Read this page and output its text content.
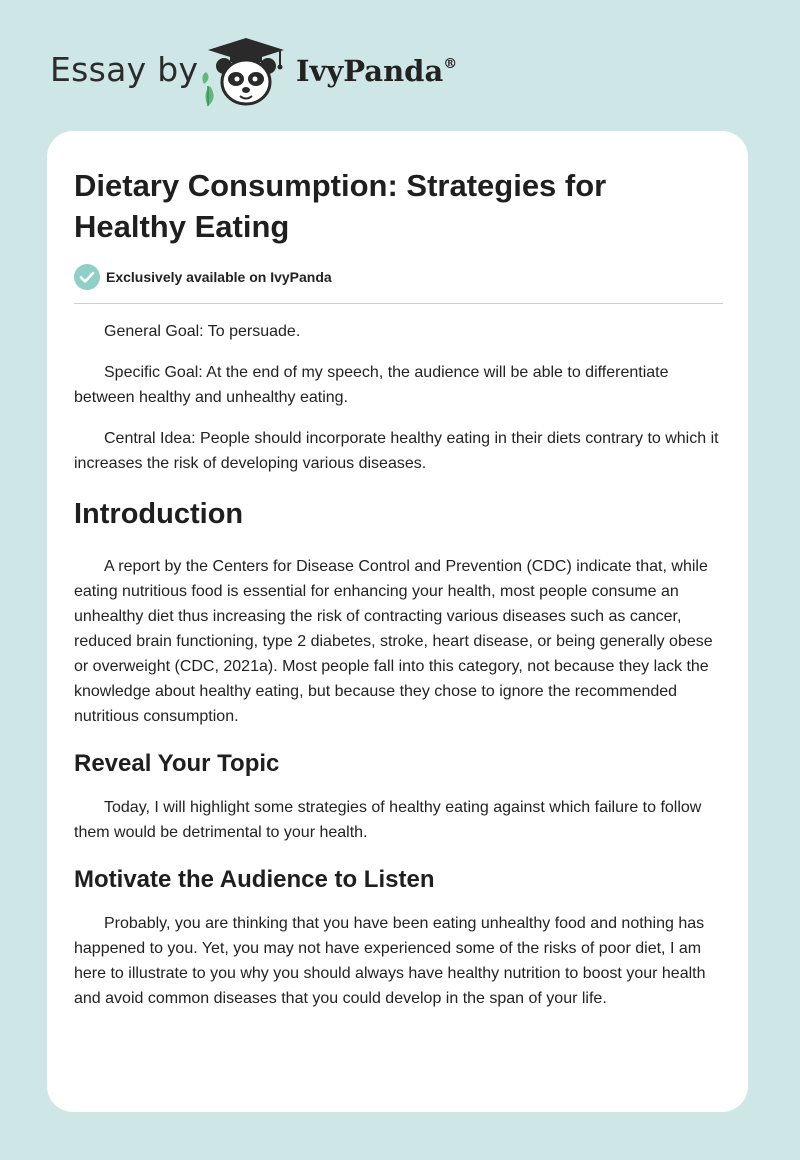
Essay by	IvyPanda®
Dietary Consumption: Strategies for Healthy Eating
Exclusively available on IvyPanda

General Goal: To persuade.

Specific Goal: At the end of my speech, the audience will be able to differentiate between healthy and unhealthy eating.

Central Idea: People should incorporate healthy eating in their diets contrary to which it increases the risk of developing various diseases.

Introduction

A report by the Centers for Disease Control and Prevention (CDC) indicate that, while eating nutritious food is essential for enhancing your health, most people consume an unhealthy diet thus increasing the risk of contracting various diseases such as cancer, reduced brain functioning, type 2 diabetes, stroke, heart disease, or being generally obese or overweight (CDC, 2021a). Most people fall into this category, not because they lack the knowledge about healthy eating, but because they chose to ignore the recommended nutritious consumption.

Reveal Your Topic

Today, I will highlight some strategies of healthy eating against which failure to follow them would be detrimental to your health.

Motivate the Audience to Listen

Probably, you are thinking that you have been eating unhealthy food and nothing has happened to you. Yet, you may not have experienced some of the risks of poor diet, I am here to illustrate to you why you should always have healthy nutrition to boost your health and avoid common diseases that you could develop in the span of your life.
